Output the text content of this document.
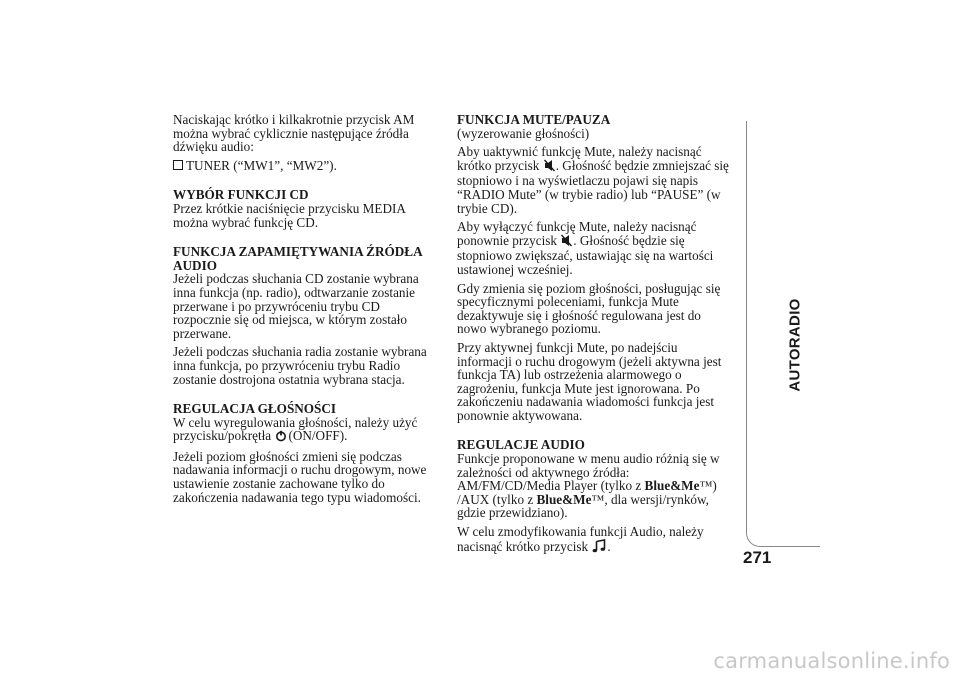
Naciskając krótko i kilkakrotnie przycisk AM można wybrać cyklicznie następujące źródła dźwięku audio:

TUNER (“MW1”, “MW2”).

WYBÓR FUNKCJI CD

Przez krótkie naciśnięcie przycisku MEDIA można wybrać funkcję CD.

FUNKCJA ZAPAMIĘTYWANIA ŹRÓDŁA AUDIO

Jeżeli podczas słuchania CD zostanie wybrana inna funkcja (np. radio), odtwarzanie zostanie przerwane i po przywróceniu trybu CD rozpocznie się od miejsca, w którym zostało przerwane.

Jeżeli podczas słuchania radia zostanie wybrana inna funkcja, po przywróceniu trybu Radio zostanie dostrojona ostatnia wybrana stacja.

REGULACJA GŁOŚNOŚCI

W celu wyregulowania głośności, należy użyć przycisku/pokrętła (ON/OFF).

Jeżeli poziom głośności zmieni się podczas nadawania informacji o ruchu drogowym, nowe ustawienie zostanie zachowane tylko do zakończenia nadawania tego typu wiadomości.

FUNKCJA MUTE/PAUZA

(wyzerowanie głośności)

Aby uaktywnić funkcję Mute, należy nacisnąć krótko przycisk . Głośność będzie zmniejszać się stopniowo i na wyświetlaczu pojawi się napis “RADIO Mute” (w trybie radio) lub “PAUSE” (w trybie CD).

Aby wyłączyć funkcję Mute, należy nacisnąć ponownie przycisk . Głośność będzie się stopniowo zwiększać, ustawiając się na wartości ustawionej wcześniej.

Gdy zmienia się poziom głośności, posługując się specyficznymi poleceniami, funkcja Mute dezaktywuje się i głośność regulowana jest do nowo wybranego poziomu.

Przy aktywnej funkcji Mute, po nadejściu informacji o ruchu drogowym (jeżeli aktywna jest funkcja TA) lub ostrzeżenia alarmowego o zagrożeniu, funkcja Mute jest ignorowana. Po zakończeniu nadawania wiadomości funkcja jest ponownie aktywowana.

REGULACJE AUDIO

Funkcje proponowane w menu audio różnią się w zależności od aktywnego źródła: AM/FM/CD/Media Player (tylko z Blue&Me™) /AUX (tylko z Blue&Me™, dla wersji/rynków, gdzie przewidziano).

W celu zmodyfikowania funkcji Audio, należy nacisnąć krótko przycisk .

AUTORADIO
271
carmanualsonline.info
